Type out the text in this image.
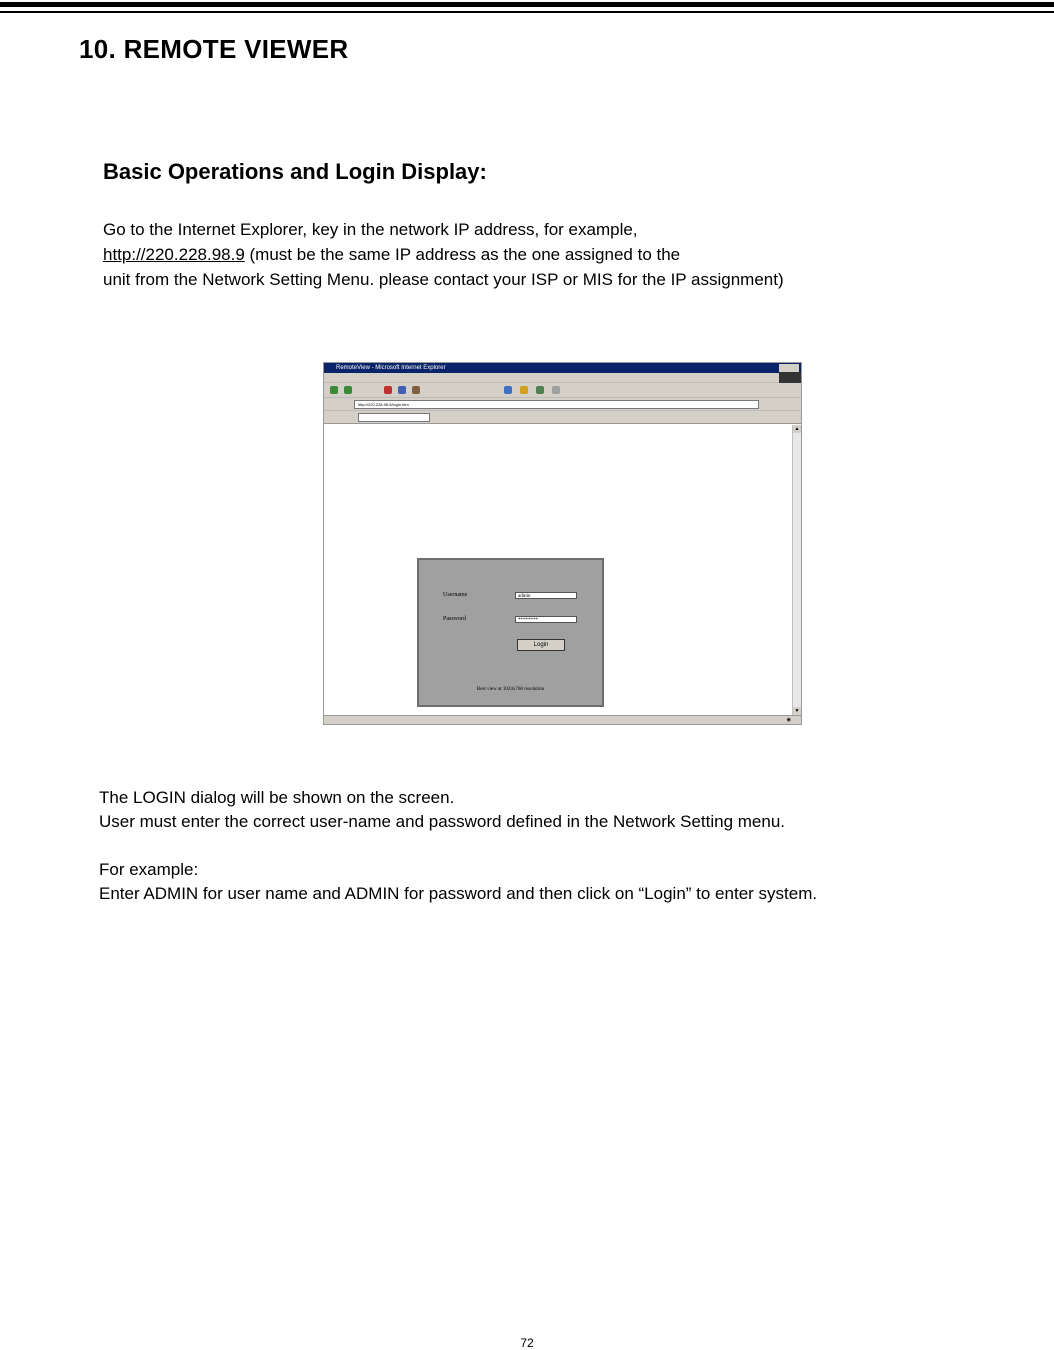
10. REMOTE VIEWER
Basic Operations and Login Display:
Go to the Internet Explorer, key in the network IP address, for example,
http://220.228.98.9 (must be the same IP address as the one assigned to the
unit from the Network Setting Menu. please contact your ISP or MIS for the IP assignment)
RemoteView - Microsoft Internet Explorer
http://220.228.98.9/login.htm
Username	admin
Password	********
Login
Best view at 1024x768 resolution
▲
▼
◉

The LOGIN dialog will be shown on the screen.

User must enter the correct user-name and password defined in the Network Setting menu.

For example:

Enter ADMIN for user name and ADMIN for password and then click on “Login” to enter system.

72
